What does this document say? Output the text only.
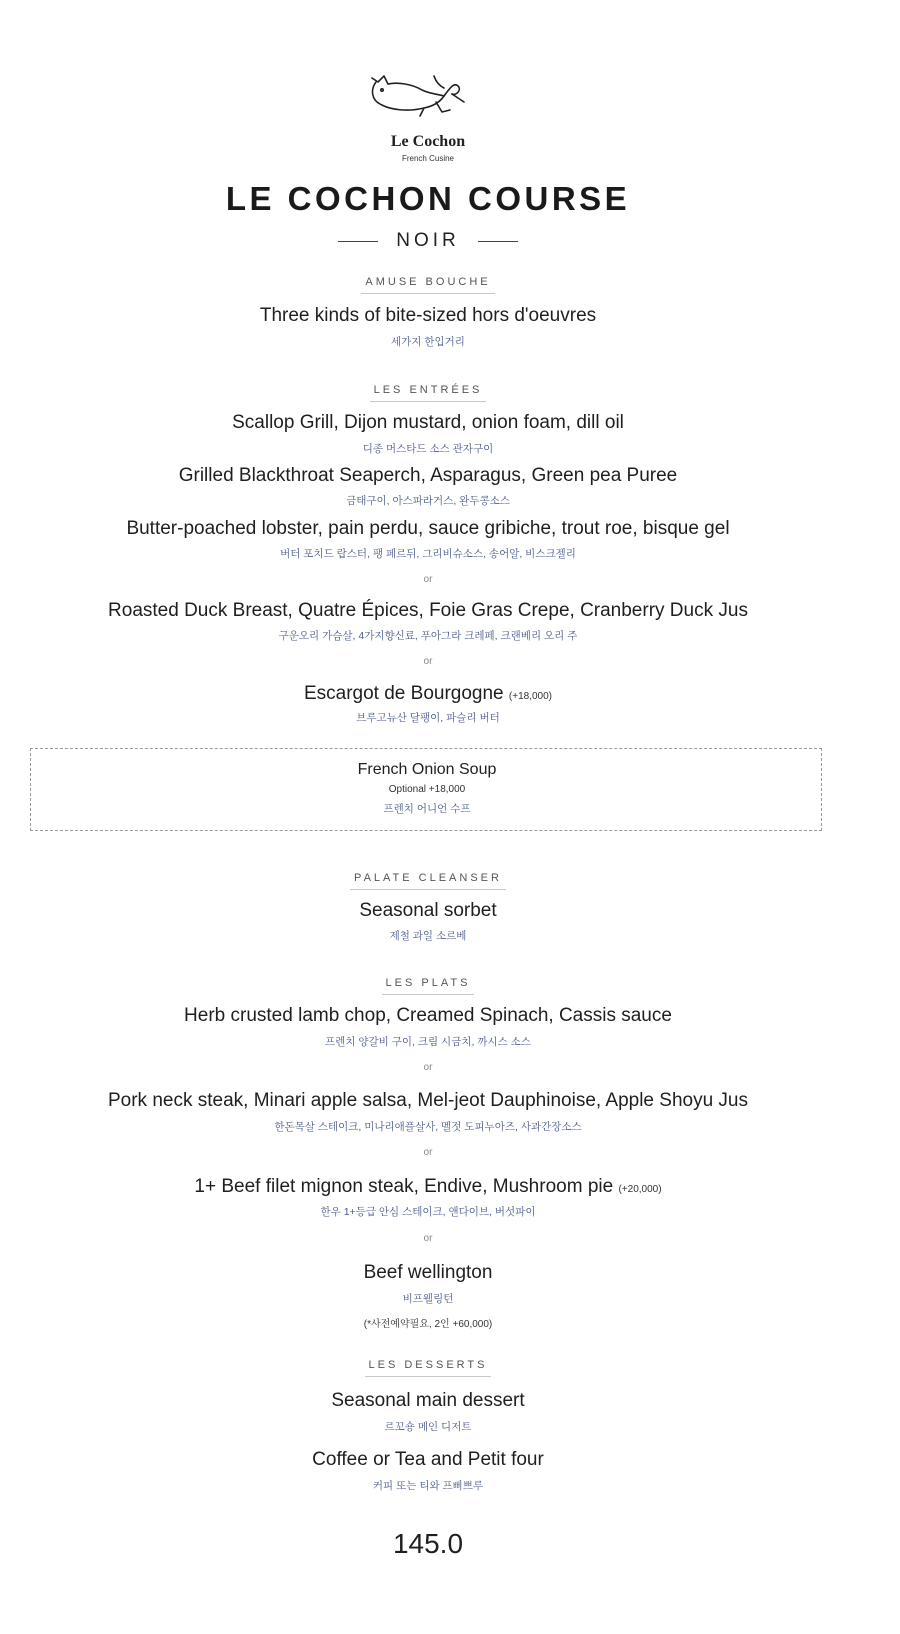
Le Cochon
French Cusine
LE COCHON COURSE
NOIR
AMUSE BOUCHE
Three kinds of bite-sized hors d'oeuvres
세가지 한입거리
LES ENTRÉES
Scallop Grill, Dijon mustard, onion foam, dill oil
디종 머스타드 소스 관자구이
Grilled Blackthroat Seaperch, Asparagus, Green pea Puree
금태구이, 아스파라거스, 완두콩소스
Butter-poached lobster, pain perdu, sauce gribiche, trout roe, bisque gel
버터 포치드 랍스터, 팽 페르뒤, 그리비슈소스, 송어알, 비스크젤리
or
Roasted Duck Breast, Quatre Épices, Foie Gras Crepe, Cranberry Duck Jus
구운오리 가슴살, 4가지향신료, 푸아그라 크레페, 크랜베리 오리 주
or
Escargot de Bourgogne (+18,000)
브루고뉴산 달팽이, 파슬리 버터
French Onion Soup
Optional +18,000
프렌치 어니언 수프
PALATE CLEANSER
Seasonal sorbet
제철 과일 소르베
LES PLATS
Herb crusted lamb chop, Creamed Spinach, Cassis sauce
프렌치 양갈비 구이, 크림 시금치, 까시스 소스
or
Pork neck steak, Minari apple salsa, Mel-jeot Dauphinoise, Apple Shoyu Jus
한돈목살 스테이크, 미나리애플살사, 멜젓 도피누아즈, 사과간장소스
or
1+ Beef filet mignon steak, Endive, Mushroom pie (+20,000)
한우 1+등급 안심 스테이크, 앤다이브, 버섯파이
or
Beef wellington
비프웰링턴
(*사전예약필요, 2인 +60,000)
LES DESSERTS
Seasonal main dessert
르꼬숑 메인 디저트
Coffee or Tea and Petit four
커피 또는 티와 프삐쁘루
145.0
